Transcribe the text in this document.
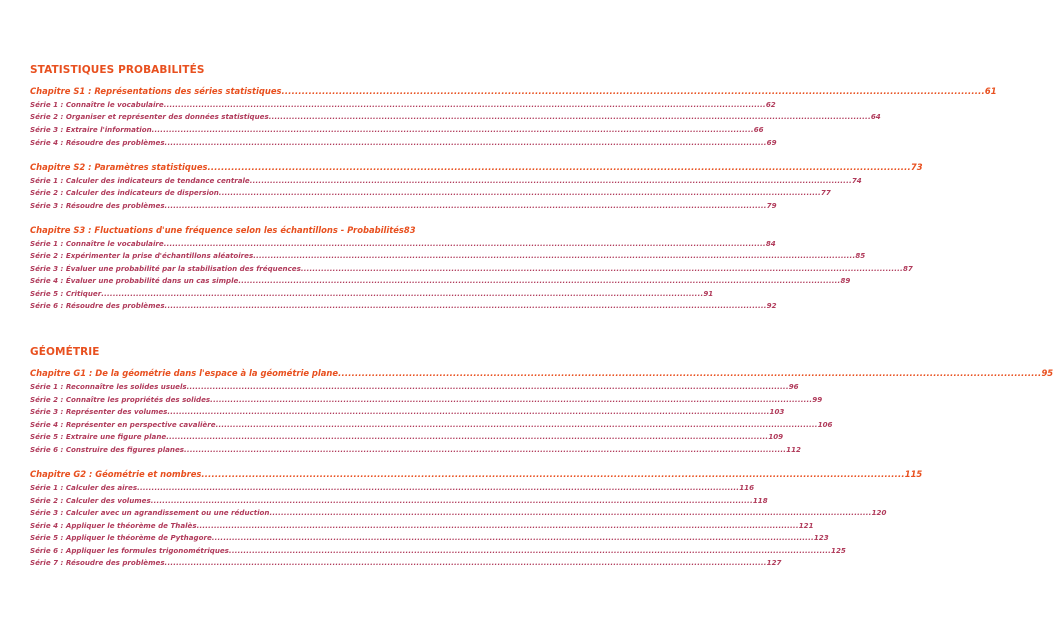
STATISTIQUES PROBABILITÉS
Chapitre S1 : Représentations des séries statistiques .....	61
Série 1 : Connaître le vocabulaire .....	62
Série 2 : Organiser et représenter des données statistiques .....	64
Série 3 : Extraire l'information .....	66
Série 4 : Résoudre des problèmes .....	69
Chapitre S2 : Paramètres statistiques .....	73
Série 1 : Calculer des indicateurs de tendance centrale .....	74
Série 2 : Calculer des indicateurs de dispersion .....	77
Série 3 : Résoudre des problèmes .....	79
Chapitre S3 : Fluctuations d'une fréquence selon les échantillons - Probabilités 83
Série 1 : Connaître le vocabulaire .....	84
Série 2 : Expérimenter la prise d'échantillons aléatoires .....	85
Série 3 : Évaluer une probabilité par la stabilisation des fréquences .....	87
Série 4 : Évaluer une probabilité dans un cas simple .....	89
Série 5 : Critiquer .....	91
Série 6 : Résoudre des problèmes .....	92
GÉOMÉTRIE
Chapitre G1 : De la géométrie dans l'espace à la géométrie plane .....	95
Série 1 : Reconnaître les solides usuels .....	96
Série 2 : Connaître les propriétés des solides .....	99
Série 3 : Représenter des volumes .....	103
Série 4 : Représenter en perspective cavalière .....	106
Série 5 : Extraire une figure plane .....	109
Série 6 : Construire des figures planes .....	112
Chapitre G2 : Géométrie et nombres .....	115
Série 1 : Calculer des aires .....	116
Série 2 : Calculer des volumes .....	118
Série 3 : Calculer avec un agrandissement ou une réduction .....	120
Série 4 : Appliquer le théorème de Thalès .....	121
Série 5 : Appliquer le théorème de Pythagore .....	123
Série 6 : Appliquer les formules trigonométriques .....	125
Série 7 : Résoudre des problèmes .....	127
